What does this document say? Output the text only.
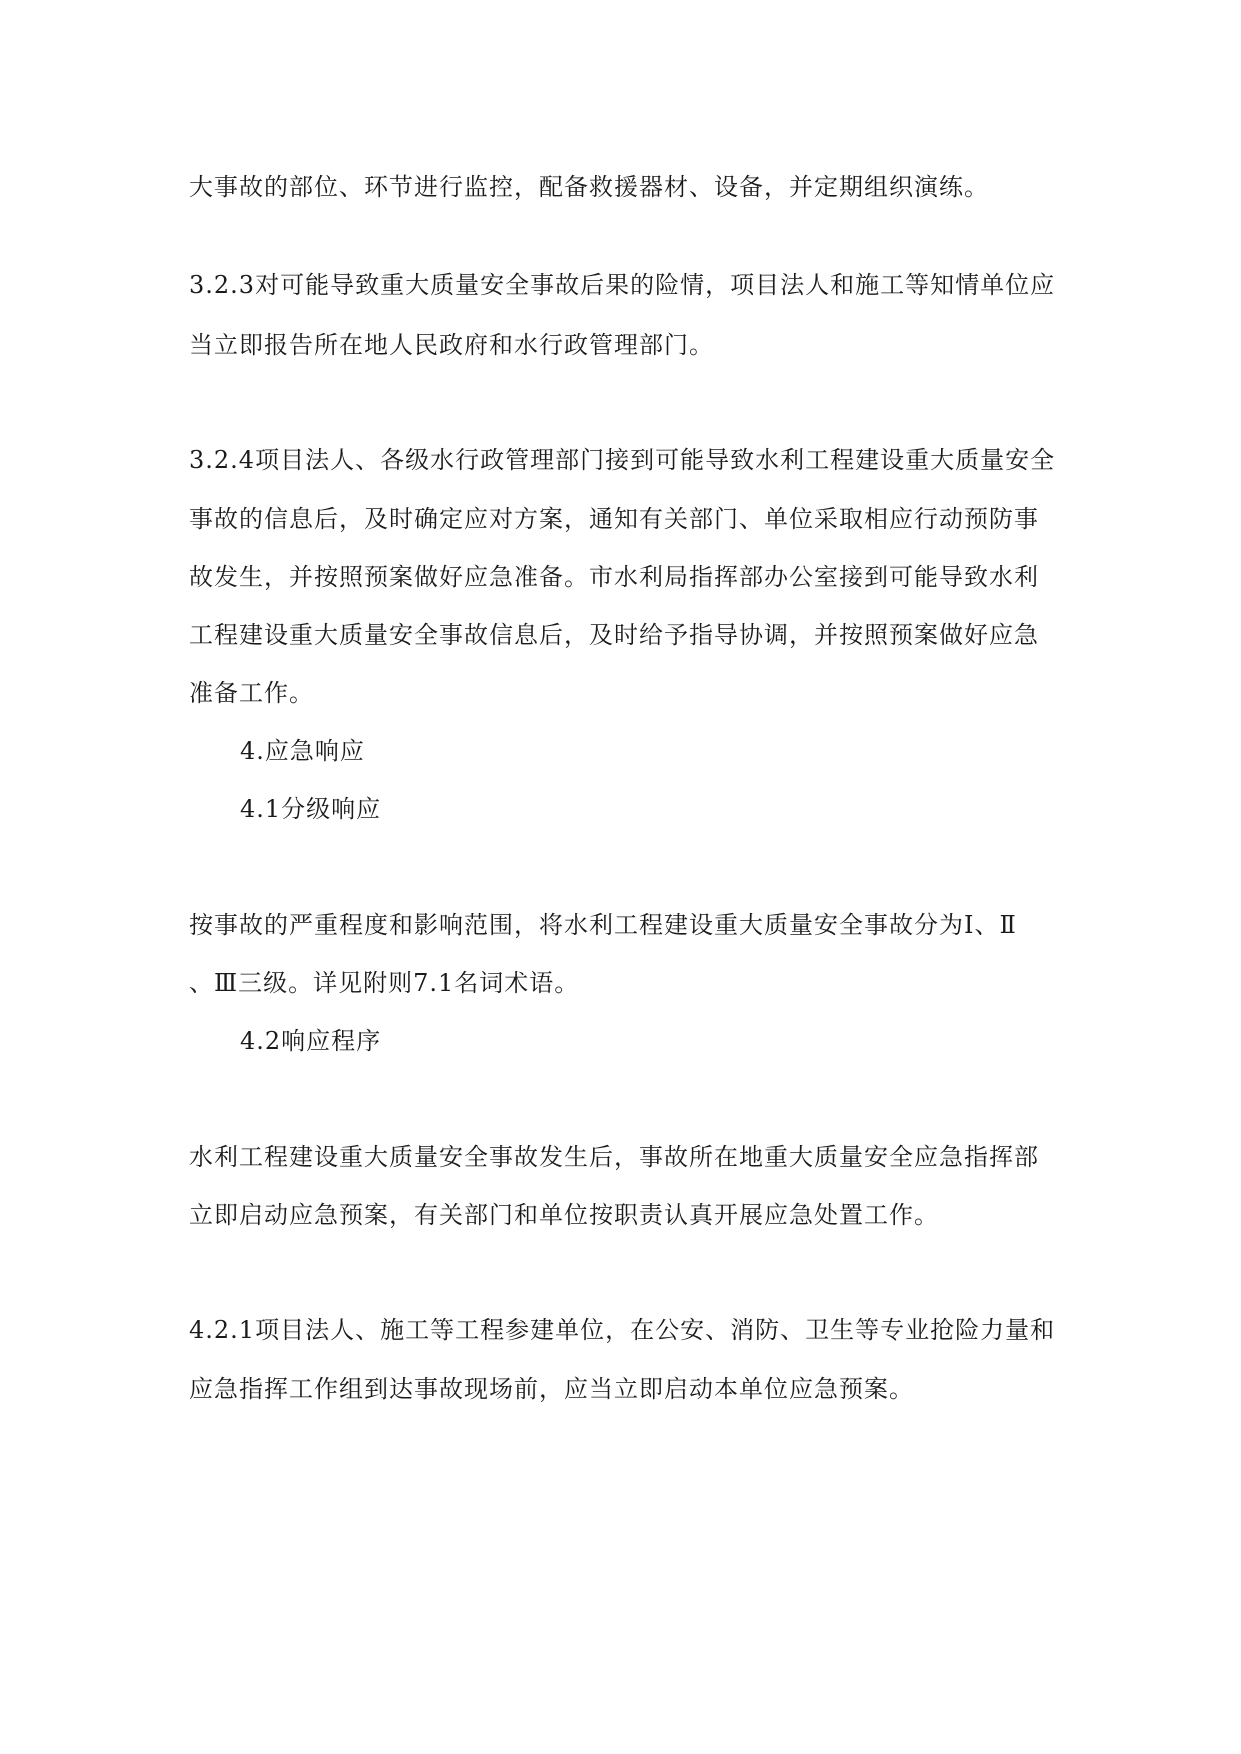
大事故的部位、环节进行监控，配备救援器材、设备，并定期组织演练。
3.2.3对可能导致重大质量安全事故后果的险情，项目法人和施工等知情单位应
当立即报告所在地人民政府和水行政管理部门。
3.2.4项目法人、各级水行政管理部门接到可能导致水利工程建设重大质量安全
事故的信息后，及时确定应对方案，通知有关部门、单位采取相应行动预防事
故发生，并按照预案做好应急准备。市水利局指挥部办公室接到可能导致水利
工程建设重大质量安全事故信息后，及时给予指导协调，并按照预案做好应急
准备工作。
4.应急响应
4.1分级响应
按事故的严重程度和影响范围，将水利工程建设重大质量安全事故分为Ⅰ、Ⅱ
、Ⅲ三级。详见附则7.1名词术语。
4.2响应程序
水利工程建设重大质量安全事故发生后，事故所在地重大质量安全应急指挥部
立即启动应急预案，有关部门和单位按职责认真开展应急处置工作。
4.2.1项目法人、施工等工程参建单位，在公安、消防、卫生等专业抢险力量和
应急指挥工作组到达事故现场前，应当立即启动本单位应急预案。
